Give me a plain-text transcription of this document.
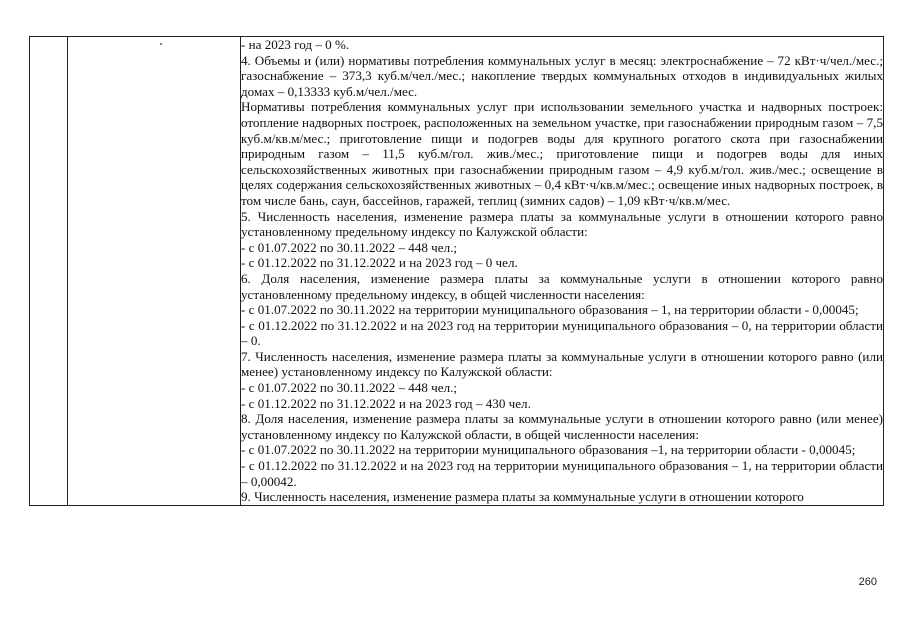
- на 2023 год – 0 %.

4. Объемы и (или) нормативы потребления коммунальных услуг в месяц: электроснабжение – 72 кВт·ч/чел./мес.; газоснабжение – 373,3 куб.м/чел./мес.; накопление твердых коммунальных отходов в индивидуальных жилых домах – 0,13333 куб.м/чел./мес.

Нормативы потребления коммунальных услуг при использовании земельного участка и надворных построек: отопление надворных построек, расположенных на земельном участке, при газоснабжении природным газом – 7,5 куб.м/кв.м/мес.; приготовление пищи и подогрев воды для крупного рогатого скота при газоснабжении природным газом – 11,5 куб.м/гол. жив./мес.; приготовление пищи и подогрев воды для иных сельскохозяйственных животных при газоснабжении природным газом – 4,9 куб.м/гол. жив./мес.; освещение в целях содержания сельскохозяйственных животных – 0,4 кВт·ч/кв.м/мес.; освещение иных надворных построек, в том числе бань, саун, бассейнов, гаражей, теплиц (зимних садов) – 1,09 кВт·ч/кв.м/мес.

5. Численность населения, изменение размера платы за коммунальные услуги в отношении которого равно установленному предельному индексу по Калужской области:

- с 01.07.2022 по 30.11.2022 – 448 чел.;

- с 01.12.2022 по 31.12.2022 и на 2023 год – 0 чел.

6. Доля населения, изменение размера платы за коммунальные услуги в отношении которого равно установленному предельному индексу, в общей численности населения:

- с 01.07.2022 по 30.11.2022 на территории муниципального образования – 1, на территории области - 0,00045;

- с 01.12.2022 по 31.12.2022 и на 2023 год на территории муниципального образования – 0, на территории области – 0.

7. Численность населения, изменение размера платы за коммунальные услуги в отношении которого равно (или менее) установленному индексу по Калужской области:

- с 01.07.2022 по 30.11.2022 – 448 чел.;

- с 01.12.2022 по 31.12.2022 и на 2023 год – 430 чел.

8. Доля населения, изменение размера платы за коммунальные услуги в отношении которого равно (или менее) установленному индексу по Калужской области, в общей численности населения:

- с 01.07.2022 по 30.11.2022 на территории муниципального образования –1, на территории области - 0,00045;

- с 01.12.2022 по 31.12.2022 и на 2023 год на территории муниципального образования – 1, на территории области – 0,00042.

9. Численность населения, изменение размера платы за коммунальные услуги в отношении которого

260
